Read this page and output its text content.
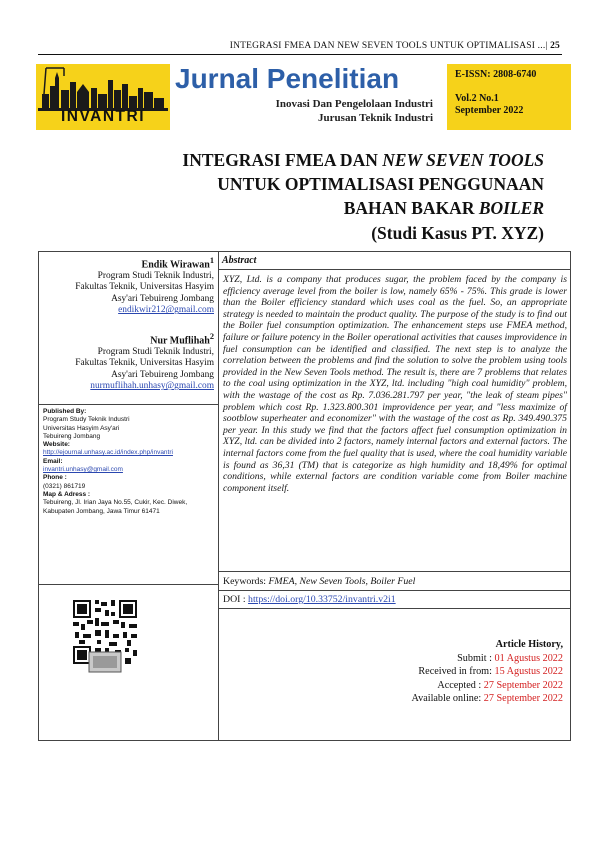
INTEGRASI FMEA DAN NEW SEVEN TOOLS UNTUK OPTIMALISASI ...| 25
INVANTRI
Jurnal Penelitian
Inovasi Dan Pengelolaan Industri
Jurusan Teknik Industri
E-ISSN: 2808-6740
Vol.2 No.1
September 2022
INTEGRASI FMEA DAN NEW SEVEN TOOLS
UNTUK OPTIMALISASI PENGGUNAAN
BAHAN BAKAR BOILER
(Studi Kasus PT. XYZ)
Endik Wirawan$^1$
Program Studi Teknik Industri,
Fakultas Teknik, Universitas Hasyim
Asy'ari Tebuireng Jombang
endikwir212@gmail.com
Nur Muflihah$^2$
Program Studi Teknik Industri,
Fakultas Teknik, Universitas Hasyim
Asy'ari Tebuireng Jombang
nurmuflihah.unhasy@gmail.com
Published By:
Program Study Teknik Industri
Universitas Hasyim Asy'ari
Tebuireng Jombang
Website:
http://ejournal.unhasy.ac.id/index.php/invantri
Email:
invantri.unhasy@gmail.com
Phone :
(0321) 861719
Map & Adress :
Tebuireng, Jl. Irian Jaya No.55, Cukir, Kec. Diwek, Kabupaten Jombang, Jawa Timur 61471
Abstract
XYZ, Ltd. is a company that produces sugar, the problem faced by the company is efficiency average level from the boiler is low, namely 65% - 75%. This grade is lower than the Boiler efficiency standard which uses coal as the fuel. So, an appropriate strategy is needed to maintain the product quality. The purpose of the study is to find out the Boiler fuel consumption optimization. The enhancement steps use FMEA method, failure or failure potency in the Boiler operational activities that causes improvidence in fuel consumption can be identified and classified. The next step is to analyze the correlation between the problems and find the solution to solve the problem using tools provided in the New Seven Tools method. The result is, there are 7 problems that relates to the coal using optimization in the XYZ, ltd. including "high coal humidity" problem, with the wastage of the cost as Rp. 7.036.281.797 per year, "the leak of steam pipes" problem which cost Rp. 1.323.800.301 improvidence per year, and "less maximize of sootblow superheater and economizer" with the wastage of the cost as Rp. 349.490.375 per year. In this study we find that the factors affect fuel consumption optimization in XYZ, ltd. can be divided into 2 factors, namely internal factors and external factors. The internal factors come from the fuel quality that is used, where the coal humidity variable is found as 36,31 (TM) that is categorize as high humidity and 18,49% for optimal conditions, while external factors are condition variable come from Boiler machine component itself.
Keywords: FMEA, New Seven Tools, Boiler Fuel
DOI : https://doi.org/10.33752/invantri.v2i1
Article History,
Submit : 01 Agustus 2022
Received in from: 15 Agustus 2022
Accepted : 27 September 2022
Available online: 27 September 2022
